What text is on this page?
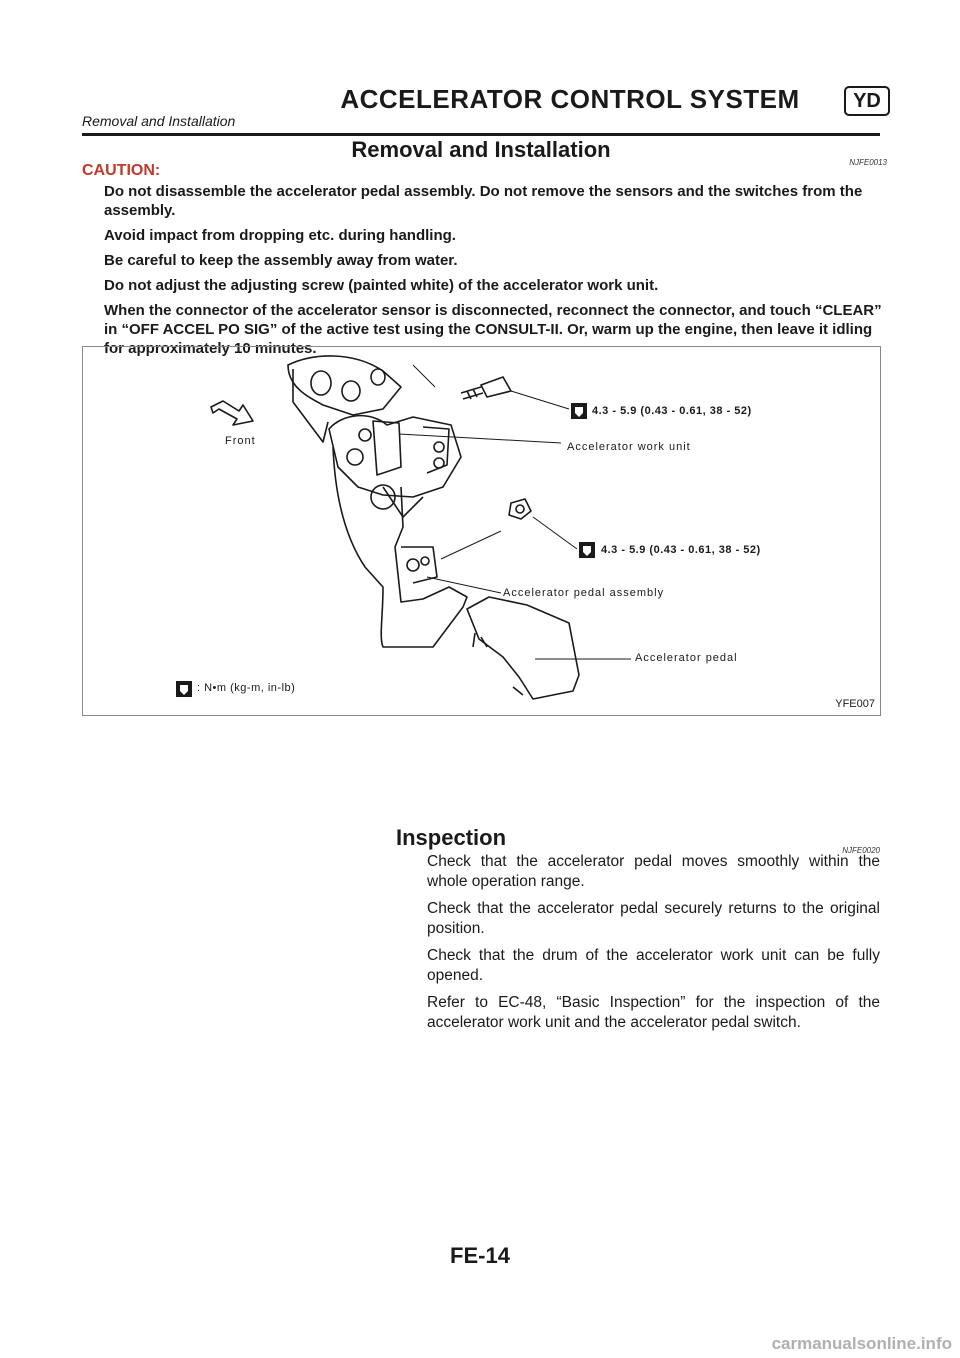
ACCELERATOR CONTROL SYSTEM	YD
Removal and Installation
Removal and Installation
NJFE0013
CAUTION:

Do not disassemble the accelerator pedal assembly. Do not remove the sensors and the switches from the assembly.

Avoid impact from dropping etc. during handling.

Be careful to keep the assembly away from water.

Do not adjust the adjusting screw (painted white) of the accelerator work unit.

When the connector of the accelerator sensor is disconnected, reconnect the connector, and touch “CLEAR” in “OFF ACCEL PO SIG” of the active test using the CONSULT-II. Or, warm up the engine, then leave it idling for approximately 10 minutes.

Front
4.3 - 5.9 (0.43 - 0.61, 38 - 52)
Accelerator work unit
4.3 - 5.9 (0.43 - 0.61, 38 - 52)
Accelerator pedal assembly
Accelerator pedal
: N•m (kg-m, in-lb)
YFE007
Inspection
NJFE0020

Check that the accelerator pedal moves smoothly within the whole operation range.

Check that the accelerator pedal securely returns to the original position.

Check that the drum of the accelerator work unit can be fully opened.

Refer to EC-48, “Basic Inspection” for the inspection of the accelerator work unit and the accelerator pedal switch.

FE-14
carmanualsonline.info
